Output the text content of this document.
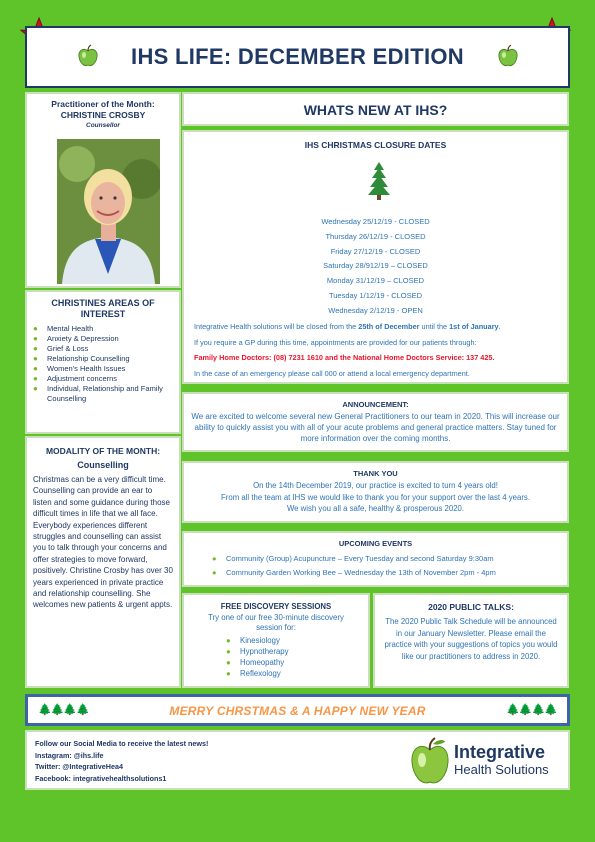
IHS LIFE: DECEMBER EDITION
Practitioner of the Month:
CHRISTINE CROSBY
Counsellor
CHRISTINES AREAS OF INTEREST
●	Mental Health
●	Anxiety & Depression
●	Grief & Loss
●	Relationship Counselling
●	Women's Health Issues
●	Adjustment concerns
●	Individual, Relationship and Family Counselling
MODALITY OF THE MONTH:
Counselling

Christmas can be a very difficult time. Counselling can provide an ear to listen and some guidance during those difficult times in life that we all face. Everybody experiences different struggles and counselling can assist you to talk through your concerns and offer strategies to move forward, positively. Christine Crosby has over 30 years experienced in private practice and relationship counselling. She welcomes new patients & urgent appts.

WHATS NEW AT IHS?
IHS CHRISTMAS CLOSURE DATES
Wednesday 25/12/19 - CLOSED
Thursday 26/12/19 - CLOSED
Friday 27/12/19 - CLOSED
Saturday 28/912/19 – CLOSED
Monday 31/12/19 – CLOSED
Tuesday 1/12/19 - CLOSED
Wednesday 2/12/19 - OPEN

Integrative Health solutions will be closed from the 25th of December until the 1st of January.

If you require a GP during this time, appointments are provided for our patients through:

Family Home Doctors: (08) 7231 1610 and the National Home Doctors Service: 137 425.

In the case of an emergency please call 000 or attend a local emergency department.

ANNOUNCEMENT:

We are excited to welcome several new General Practitioners to our team in 2020. This will increase our ability to quickly assist you with all of your acute problems and general practice matters. Stay tuned for more information over the coming months.

THANK YOU

On the 14th December 2019, our practice is excited to turn 4 years old!

From all the team at IHS we would like to thank you for your support over the last 4 years.

We wish you all a safe, healthy & prosperous 2020.

UPCOMING EVENTS
●	Community (Group) Acupuncture – Every Tuesday and second Saturday 9:30am
●	Community Garden Working Bee – Wednesday the 13th of November 2pm - 4pm
FREE DISCOVERY SESSIONS

Try one of our free 30-minute discovery session for:

●	Kinesiology
●	Hypnotherapy
●	Homeopathy
●	Reflexology
2020 PUBLIC TALKS:

The 2020 Public Talk Schedule will be announced in our January Newsletter. Please email the practice with your suggestions of topics you would like our practitioners to address in 2020.

🌲🌲🌲🌲	MERRY CHRSTMAS & A HAPPY NEW YEAR	🌲🌲🌲🌲
Follow our Social Media to receive the latest news!
Instagram: @ihs.life
Twitter: @IntegrativeHea4
Facebook: integrativehealthsolutions1
Integrative
Health Solutions
